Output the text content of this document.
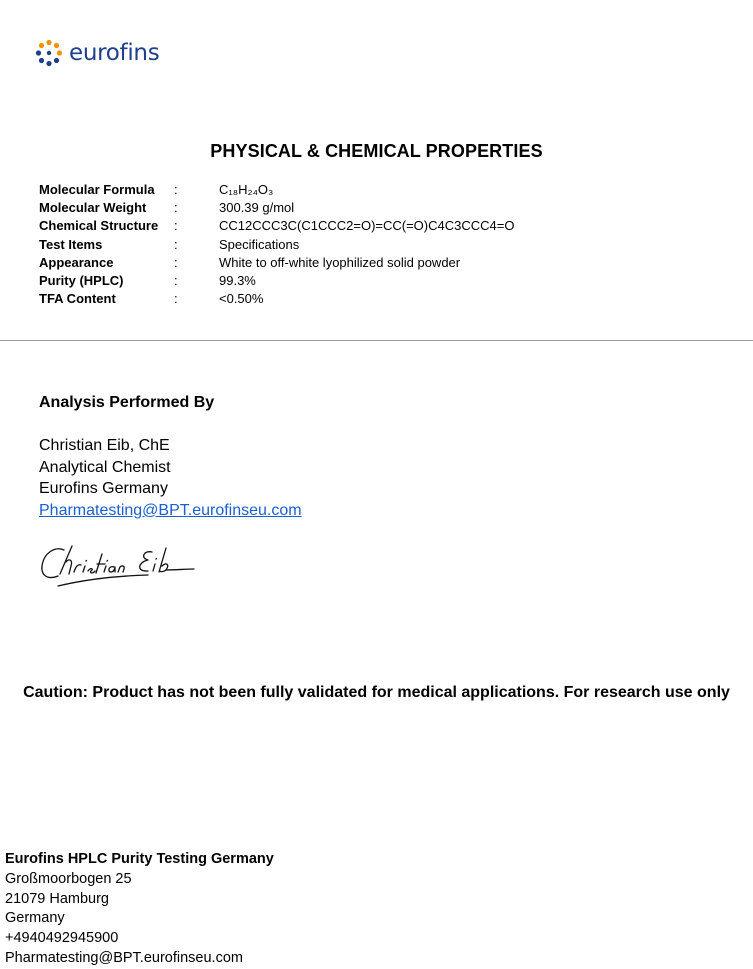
eurofins
PHYSICAL & CHEMICAL PROPERTIES
Molecular Formula :	C₁₈H₂₄O₃
Molecular Weight :	300.39 g/mol
Chemical Structure :	CC12CCC3C(C1CCC2=O)=CC(=O)C4C3CCC4=O
Test Items	:	Specifications
Appearance	:	White to off-white lyophilized solid powder
Purity (HPLC)	:	99.3%
TFA Content	:	<0.50%
Analysis Performed By
Christian Eib, ChE
Analytical Chemist
Eurofins Germany
Pharmatesting@BPT.eurofinseu.com
Caution: Product has not been fully validated for medical applications. For research use only
Eurofins HPLC Purity Testing Germany
Großmoorbogen 25
21079 Hamburg
Germany
+4940492945900
Pharmatesting@BPT.eurofinseu.com
